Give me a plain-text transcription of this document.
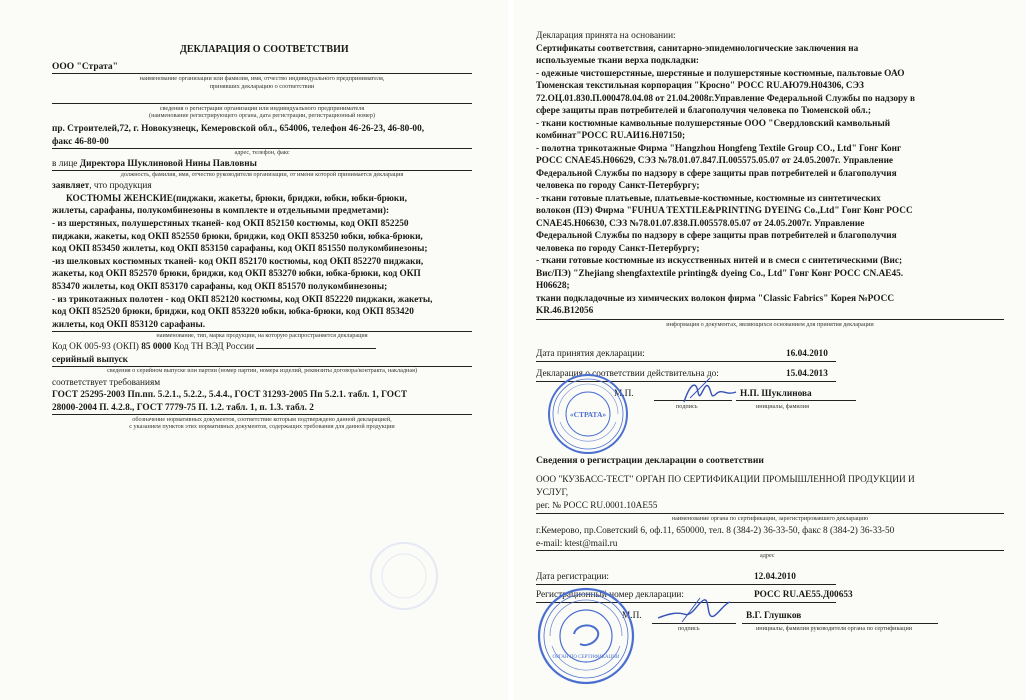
ДЕКЛАРАЦИЯ О СООТВЕТСТВИИ
ООО "Страта"
наименование организации или фамилия, имя, отчество индивидуального предпринимателя,
принявших декларацию о соответствии
сведения о регистрации организации или индивидуального предпринимателя
(наименование регистрирующего органа, дата регистрации, регистрационный номер)
пр. Строителей,72, г. Новокузнецк, Кемеровской обл., 654006, телефон 46-26-23, 46-80-00,
факс 46-80-00
адрес, телефон, факс
в лице Директора Шуклиновой Нины Павловны
должность, фамилия, имя, отчество руководителя организации, от имени которой принимается декларация
заявляет, что продукция
КОСТЮМЫ ЖЕНСКИЕ(пиджаки, жакеты, брюки, бриджи, юбки, юбки-брюки,
жилеты, сарафаны, полукомбинезоны в комплекте и отдельными предметами):
- из шерстяных, полушерстяных тканей- код ОКП 852150 костюмы, код ОКП 852250
пиджаки, жакеты, код ОКП 852550 брюки, бриджи, код ОКП 853250 юбки, юбка-брюки,
код ОКП 853450 жилеты, код ОКП 853150 сарафаны, код ОКП 851550 полукомбинезоны;
-из шелковых костюмных тканей- код ОКП 852170 костюмы, код ОКП 852270 пиджаки,
жакеты, код ОКП 852570 брюки, бриджи, код ОКП 853270 юбки, юбка-брюки, код ОКП
853470 жилеты, код ОКП 853170 сарафаны, код ОКП 851570 полукомбинезоны;
- из трикотажных полотен - код ОКП 852120 костюмы, код ОКП 852220 пиджаки, жакеты,
код ОКП 852520 брюки, бриджи, код ОКП 853220 юбки, юбка-брюки, код ОКП 853420
жилеты, код ОКП 853120 сарафаны.
наименование, тип, марка продукции, на которую распространяется декларация
Код ОК 005-93 (ОКП) 85 0000 Код ТН ВЭД России
серийный выпуск
сведения о серийном выпуске или партии (номер партии, номера изделий, реквизиты договора/контракта, накладная)
соответствует требованиям
ГОСТ 25295-2003 Пп.пп. 5.2.1., 5.2.2., 5.4.4., ГОСТ 31293-2005 Пп 5.2.1. табл. 1, ГОСТ
28000-2004 П. 4.2.8., ГОСТ 7779-75 П. 1.2. табл. 1, п. 1.3. табл. 2
обозначение нормативных документов, соответствие которым подтверждено данной декларацией,
с указанием пунктов этих нормативных документов, содержащих требования для данной продукции
Декларация принята на основании:
Сертификаты соответствия, санитарно-эпидемиологические заключения на
используемые ткани верха подкладки:
- одежные чистошерстяные, шерстяные и полушерстяные костюмные, пальтовые ОАО
Тюменская текстильная корпорация "Кросно" РОСС RU.АЮ79.Н04306, СЭЗ
72.ОЦ.01.830.П.000478.04.08 от 21.04.2008г.Управление Федеральной Службы по надзору в
сфере защиты прав потребителей и благополучия человека по Тюменской обл.;
- ткани костюмные камвольные полушерстяные ООО "Свердловский камвольный
комбинат"РОСС RU.АИ16.Н07150;
- полотна трикотажные Фирма "Hangzhou Hongfeng Textile Group CO., Ltd" Гонг Конг
РОСС CNAE45.H06629, СЭЗ №78.01.07.847.П.005575.05.07 от 24.05.2007г. Управление
Федеральной Службы по надзору в сфере защиты прав потребителей и благополучия
человека по городу Санкт-Петербургу;
- ткани готовые платьевые, платьевые-костюмные, костюмные из синтетических
волокон (ПЭ) Фирма "FUHUA TEXTILE&PRINTING DYEING Co.,Ltd" Гонг Конг РОСС
CNAE45.H06630, СЭЗ №78.01.07.838.П.005578.05.07 от 24.05.2007г. Управление
Федеральной Службы по надзору в сфере защиты прав потребителей и благополучия
человека по городу Санкт-Петербургу;
- ткани готовые костюмные из искусственных нитей и в смеси с синтетическими (Вис;
Вис/ПЭ) "Zhejiang shengfaxtextile printing& dyeing Co., Ltd" Гонг Конг РОСС CN.AE45.
H06628;
ткани подкладочные из химических волокон фирма "Classic Fabrics" Корея №РОСС
KR.46.B12056
информация о документах, являющихся основанием для принятия декларации
Дата принятия декларации:	16.04.2010
Декларация о соответствии действительна до:	15.04.2013
М.П.	Н.П. Шуклинова
подпись	инициалы, фамилия
«СТРАТА»
Сведения о регистрации декларации о соответствии
ООО "КУЗБАСС-ТЕСТ" ОРГАН ПО СЕРТИФИКАЦИИ ПРОМЫШЛЕННОЙ ПРОДУКЦИИ И
УСЛУГ,
рег. № РОСС RU.0001.10АЕ55
наименование органа по сертификации, зарегистрировавшего декларацию
г.Кемерово, пр.Советский 6, оф.11, 650000, тел. 8 (384-2) 36-33-50, факс 8 (384-2) 36-33-50
e-mail: ktest@mail.ru
адрес
Дата регистрации:	12.04.2010
Регистрационный номер декларации:	РОСС RU.АЕ55.Д00653
М.П.	В.Г. Глушков
подпись	инициалы, фамилия руководителя органа по сертификации
ОРГАН ПО СЕРТИФИКАЦИИ
